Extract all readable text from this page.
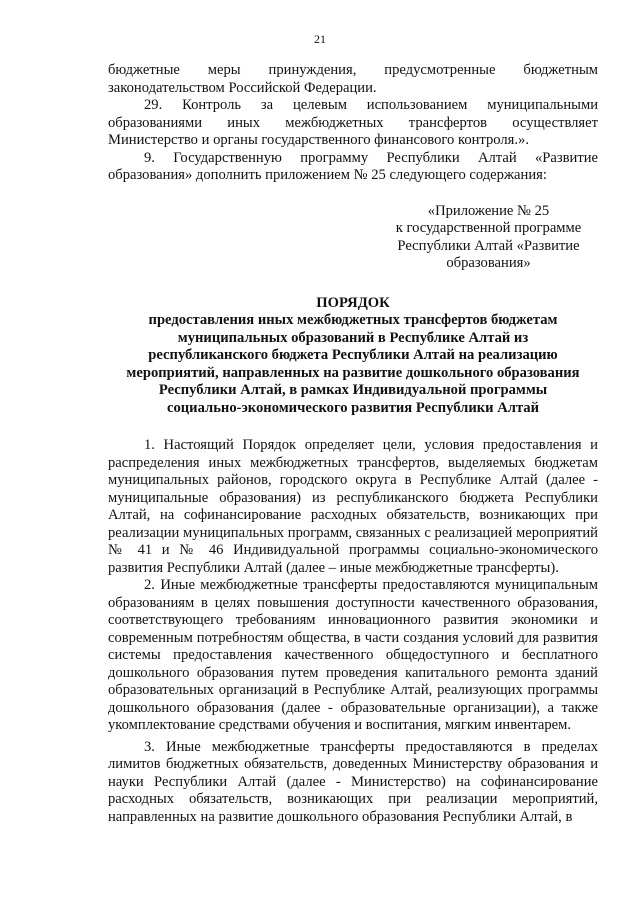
21

бюджетные меры принуждения, предусмотренные бюджетным законодательством Российской Федерации.

29. Контроль за целевым использованием муниципальными образованиями иных межбюджетных трансфертов осуществляет Министерство и органы государственного финансового контроля.».

9. Государственную программу Республики Алтай «Развитие образования» дополнить приложением № 25 следующего содержания:

«Приложение № 25
к государственной программе
Республики Алтай «Развитие
образования»
ПОРЯДОК
предоставления иных межбюджетных трансфертов бюджетам муниципальных образований в Республике Алтай из республиканского бюджета Республики Алтай на реализацию мероприятий, направленных на развитие дошкольного образования Республики Алтай, в рамках Индивидуальной программы социально-экономического развития Республики Алтай

1. Настоящий Порядок определяет цели, условия предоставления и распределения иных межбюджетных трансфертов, выделяемых бюджетам муниципальных районов, городского округа в Республике Алтай (далее - муниципальные образования) из республиканского бюджета Республики Алтай, на софинансирование расходных обязательств, возникающих при реализации муниципальных программ, связанных с реализацией мероприятий № 41 и № 46 Индивидуальной программы социально-экономического развития Республики Алтай (далее – иные межбюджетные трансферты).

2. Иные межбюджетные трансферты предоставляются муниципальным образованиям в целях повышения доступности качественного образования, соответствующего требованиям инновационного развития экономики и современным потребностям общества, в части создания условий для развития системы предоставления качественного общедоступного и бесплатного дошкольного образования путем проведения капитального ремонта зданий образовательных организаций в Республике Алтай, реализующих программы дошкольного образования (далее - образовательные организации), а также укомплектование средствами обучения и воспитания, мягким инвентарем.

3. Иные межбюджетные трансферты предоставляются в пределах лимитов бюджетных обязательств, доведенных Министерству образования и науки Республики Алтай (далее - Министерство) на софинансирование расходных обязательств, возникающих при реализации мероприятий, направленных на развитие дошкольного образования Республики Алтай, в
